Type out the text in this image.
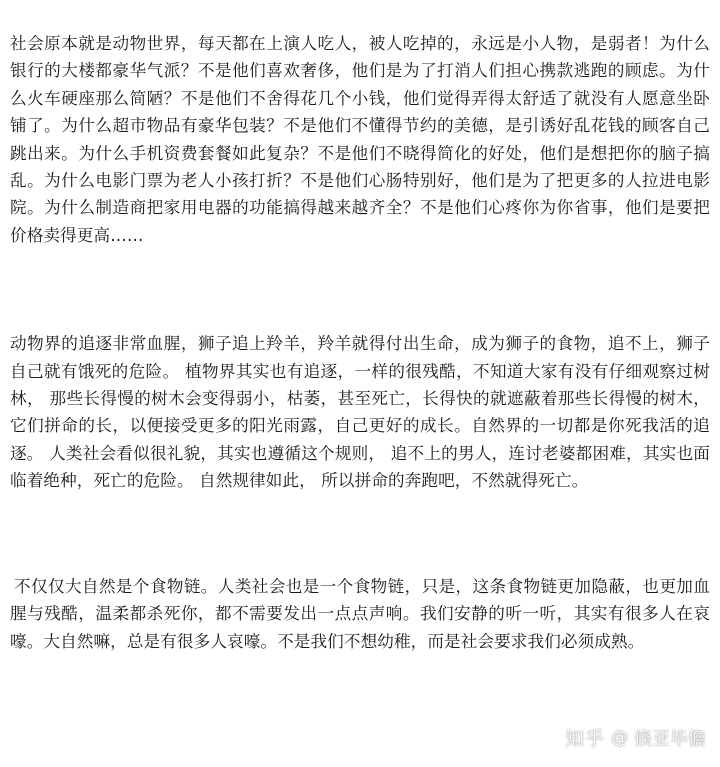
社会原本就是动物世界，每天都在上演人吃人，被人吃掉的，永远是小人物，是弱者！为什么银行的大楼都豪华气派？不是他们喜欢奢侈，他们是为了打消人们担心携款逃跑的顾虑。为什么火车硬座那么简陋？不是他们不舍得花几个小钱，他们觉得弄得太舒适了就没有人愿意坐卧铺了。为什么超市物品有豪华包装？不是他们不懂得节约的美德，是引诱好乱花钱的顾客自己跳出来。为什么手机资费套餐如此复杂？不是他们不晓得简化的好处，他们是想把你的脑子搞乱。为什么电影门票为老人小孩打折？不是他们心肠特别好，他们是为了把更多的人拉进电影院。为什么制造商把家用电器的功能搞得越来越齐全？不是他们心疼你为你省事，他们是要把价格卖得更高……

动物界的追逐非常血腥，狮子追上羚羊，羚羊就得付出生命，成为狮子的食物，追不上，狮子自己就有饿死的危险。 植物界其实也有追逐，一样的很残酷，不知道大家有没有仔细观察过树林， 那些长得慢的树木会变得弱小，枯萎，甚至死亡，长得快的就遮蔽着那些长得慢的树木，它们拼命的长，以便接受更多的阳光雨露，自己更好的成长。自然界的一切都是你死我活的追逐。 人类社会看似很礼貌，其实也遵循这个规则， 追不上的男人，连讨老婆都困难，其实也面临着绝种，死亡的危险。 自然规律如此， 所以拼命的奔跑吧，不然就得死亡。

不仅仅大自然是个食物链。人类社会也是一个食物链，只是，这条食物链更加隐蔽，也更加血腥与残酷，温柔都杀死你，都不需要发出一点点声响。我们安静的听一听，其实有很多人在哀嚎。大自然嘛，总是有很多人哀嚎。不是我们不想幼稚，而是社会要求我们必须成熟。

知乎 @ 倏亚毕儋
